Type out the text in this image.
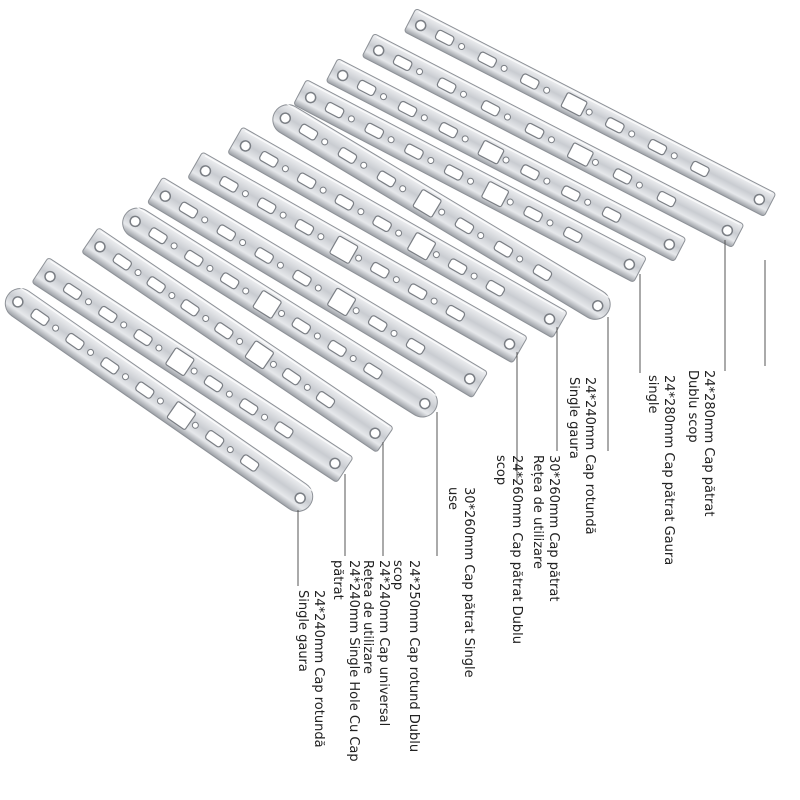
24*280mm Cap pătrat
Dublu scop
24*280mm Cap pătrat Gaura
single
24*240mm Cap rotundă
Single gaura
30*260mm Cap pătrat
Rețea de utilizare
24*260mm Cap pătrat Dublu
scop
30*260mm Cap pătrat Single
use
24*250mm Cap rotund Dublu
scop
24*240mm Cap universal
Rețea de utilizare
24*240mm Single Hole Cu Cap
pătrat
24*240mm Cap rotundă
Single gaura
